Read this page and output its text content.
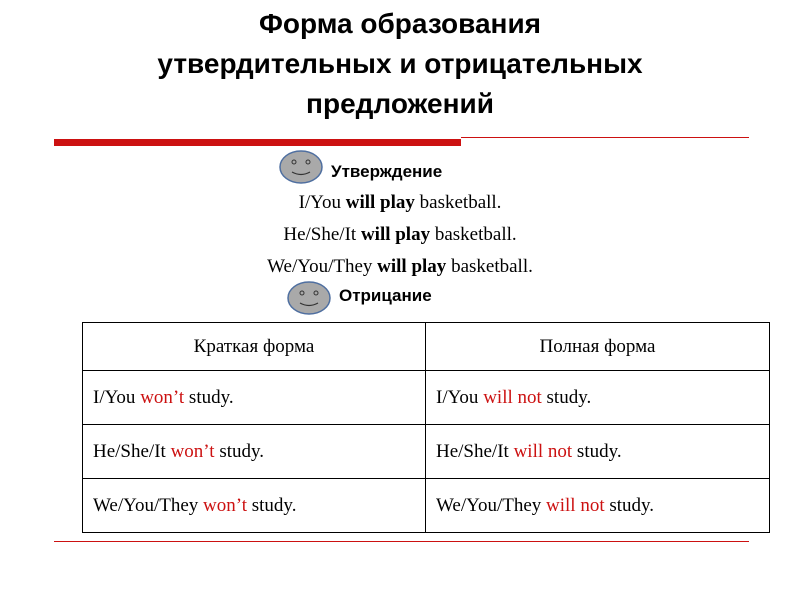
Форма образования
утвердительных и отрицательных
предложений
Утверждение
I/You will play basketball.
He/She/It will play basketball.
We/You/They will play basketball.
Отрицание
Краткая форма	Полная форма
I/You won’t study.	I/You will not study.
He/She/It won’t study.	He/She/It will not study.
We/You/They won’t study.	We/You/They will not study.
